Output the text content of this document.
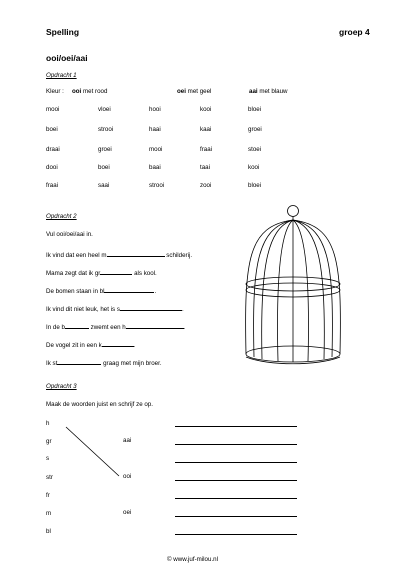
Spelling	groep 4
ooi/oei/aai
Opdracht 1
Kleur : ooi met rood	oei met geel	aai met blauw
mooi	vloei	hooi	kooi	bloei
boei	strooi	haai	kaai	groei
draai	groei	mooi	fraai	stoei
dooi	boei	baai	taai	kooi
fraai	saai	strooi	zooi	bloei
Opdracht 2
Vul ooi/oei/aai in.
Ik vind dat een heel m	schilderij.
Mama zegt dat ik gr	als kool.
De bomen staan in bl	.
Ik vind dit niet leuk, het is s	.
In de b	zwemt een h	.
De vogel zit in een k	.
Ik st	graag met mijn broer.
Opdracht 3
Maak de woorden juist en schrijf ze op.
h
gr
s
str
fr
m
bl
aai
ooi
oei
© www.juf-milou.nl
